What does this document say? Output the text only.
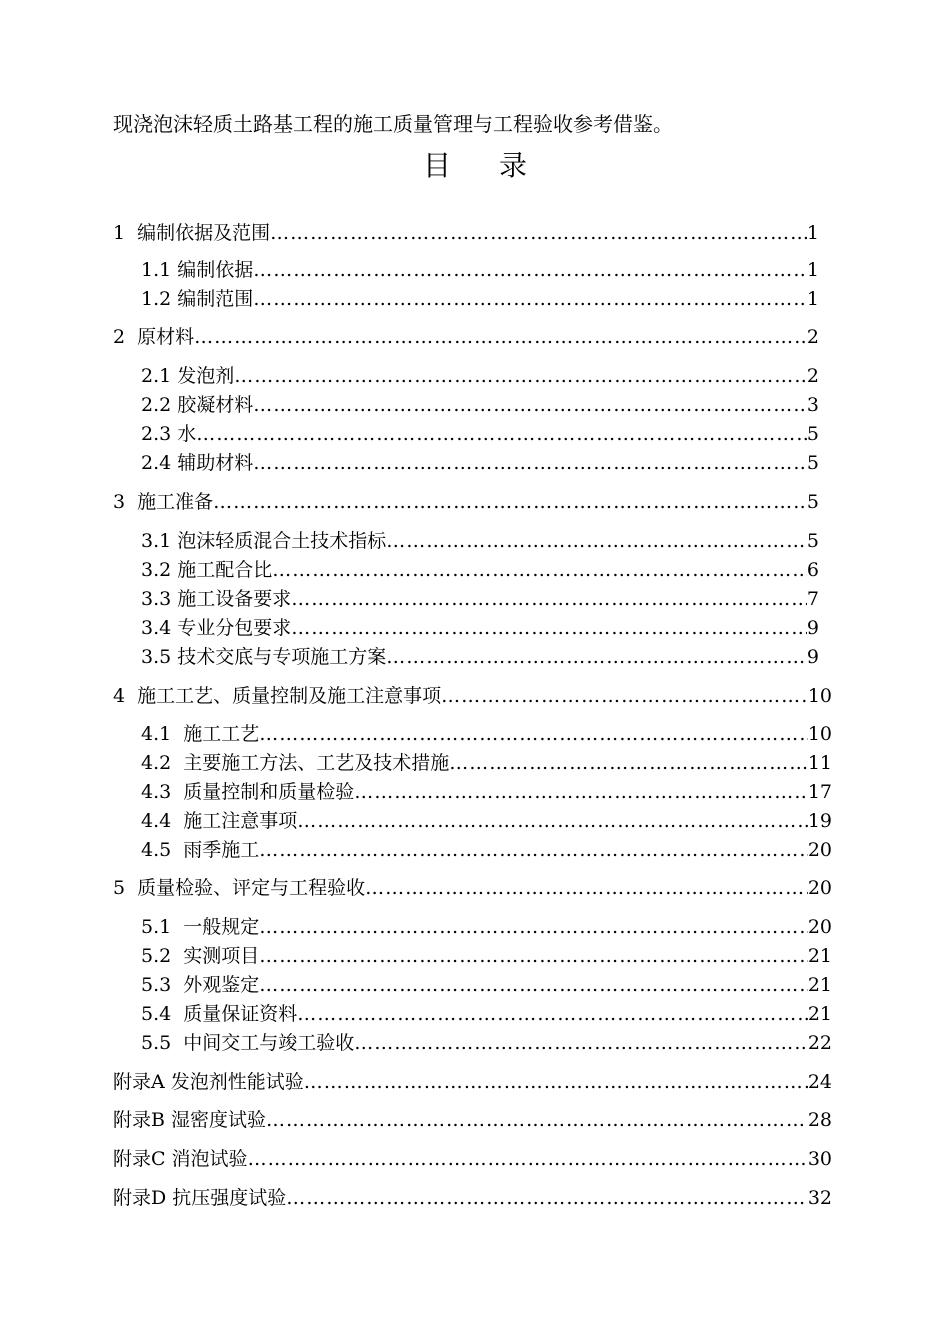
现浇泡沫轻质土路基工程的施工质量管理与工程验收参考借鉴。

目 录
1 编制依据及范围 …………………………………………………………………………………………………………………………………………………………………………………………	1
1.1 编制依据 …………………………………………………………………………………………………………………………………………………………………………………………	1
1.2 编制范围 …………………………………………………………………………………………………………………………………………………………………………………………	1
2 原材料 …………………………………………………………………………………………………………………………………………………………………………………………	2
2.1 发泡剂 …………………………………………………………………………………………………………………………………………………………………………………………	2
2.2 胶凝材料 …………………………………………………………………………………………………………………………………………………………………………………………	3
2.3 水 …………………………………………………………………………………………………………………………………………………………………………………………	5
2.4 辅助材料 …………………………………………………………………………………………………………………………………………………………………………………………	5
3 施工准备 …………………………………………………………………………………………………………………………………………………………………………………………	5
3.1 泡沫轻质混合土技术指标 …………………………………………………………………………………………………………………………………………………………………………………………	5
3.2 施工配合比 …………………………………………………………………………………………………………………………………………………………………………………………	6
3.3 施工设备要求 …………………………………………………………………………………………………………………………………………………………………………………………	7
3.4 专业分包要求 …………………………………………………………………………………………………………………………………………………………………………………………	9
3.5 技术交底与专项施工方案 …………………………………………………………………………………………………………………………………………………………………………………………	9
4 施工工艺、质量控制及施工注意事项 …………………………………………………………………………………………………………………………………………………………………………………………	10
4.1 施工工艺 …………………………………………………………………………………………………………………………………………………………………………………………	10
4.2 主要施工方法、工艺及技术措施 …………………………………………………………………………………………………………………………………………………………………………………………	11
4.3 质量控制和质量检验 …………………………………………………………………………………………………………………………………………………………………………………………	17
4.4 施工注意事项 …………………………………………………………………………………………………………………………………………………………………………………………	19
4.5 雨季施工 …………………………………………………………………………………………………………………………………………………………………………………………	20
5 质量检验、评定与工程验收 …………………………………………………………………………………………………………………………………………………………………………………………	20
5.1 一般规定 …………………………………………………………………………………………………………………………………………………………………………………………	20
5.2 实测项目 …………………………………………………………………………………………………………………………………………………………………………………………	21
5.3 外观鉴定 …………………………………………………………………………………………………………………………………………………………………………………………	21
5.4 质量保证资料 …………………………………………………………………………………………………………………………………………………………………………………………	21
5.5 中间交工与竣工验收 …………………………………………………………………………………………………………………………………………………………………………………………	22
附录A 发泡剂性能试验 …………………………………………………………………………………………………………………………………………………………………………………………	24
附录B 湿密度试验 …………………………………………………………………………………………………………………………………………………………………………………………	28
附录C 消泡试验 …………………………………………………………………………………………………………………………………………………………………………………………	30
附录D 抗压强度试验 …………………………………………………………………………………………………………………………………………………………………………………………	32
